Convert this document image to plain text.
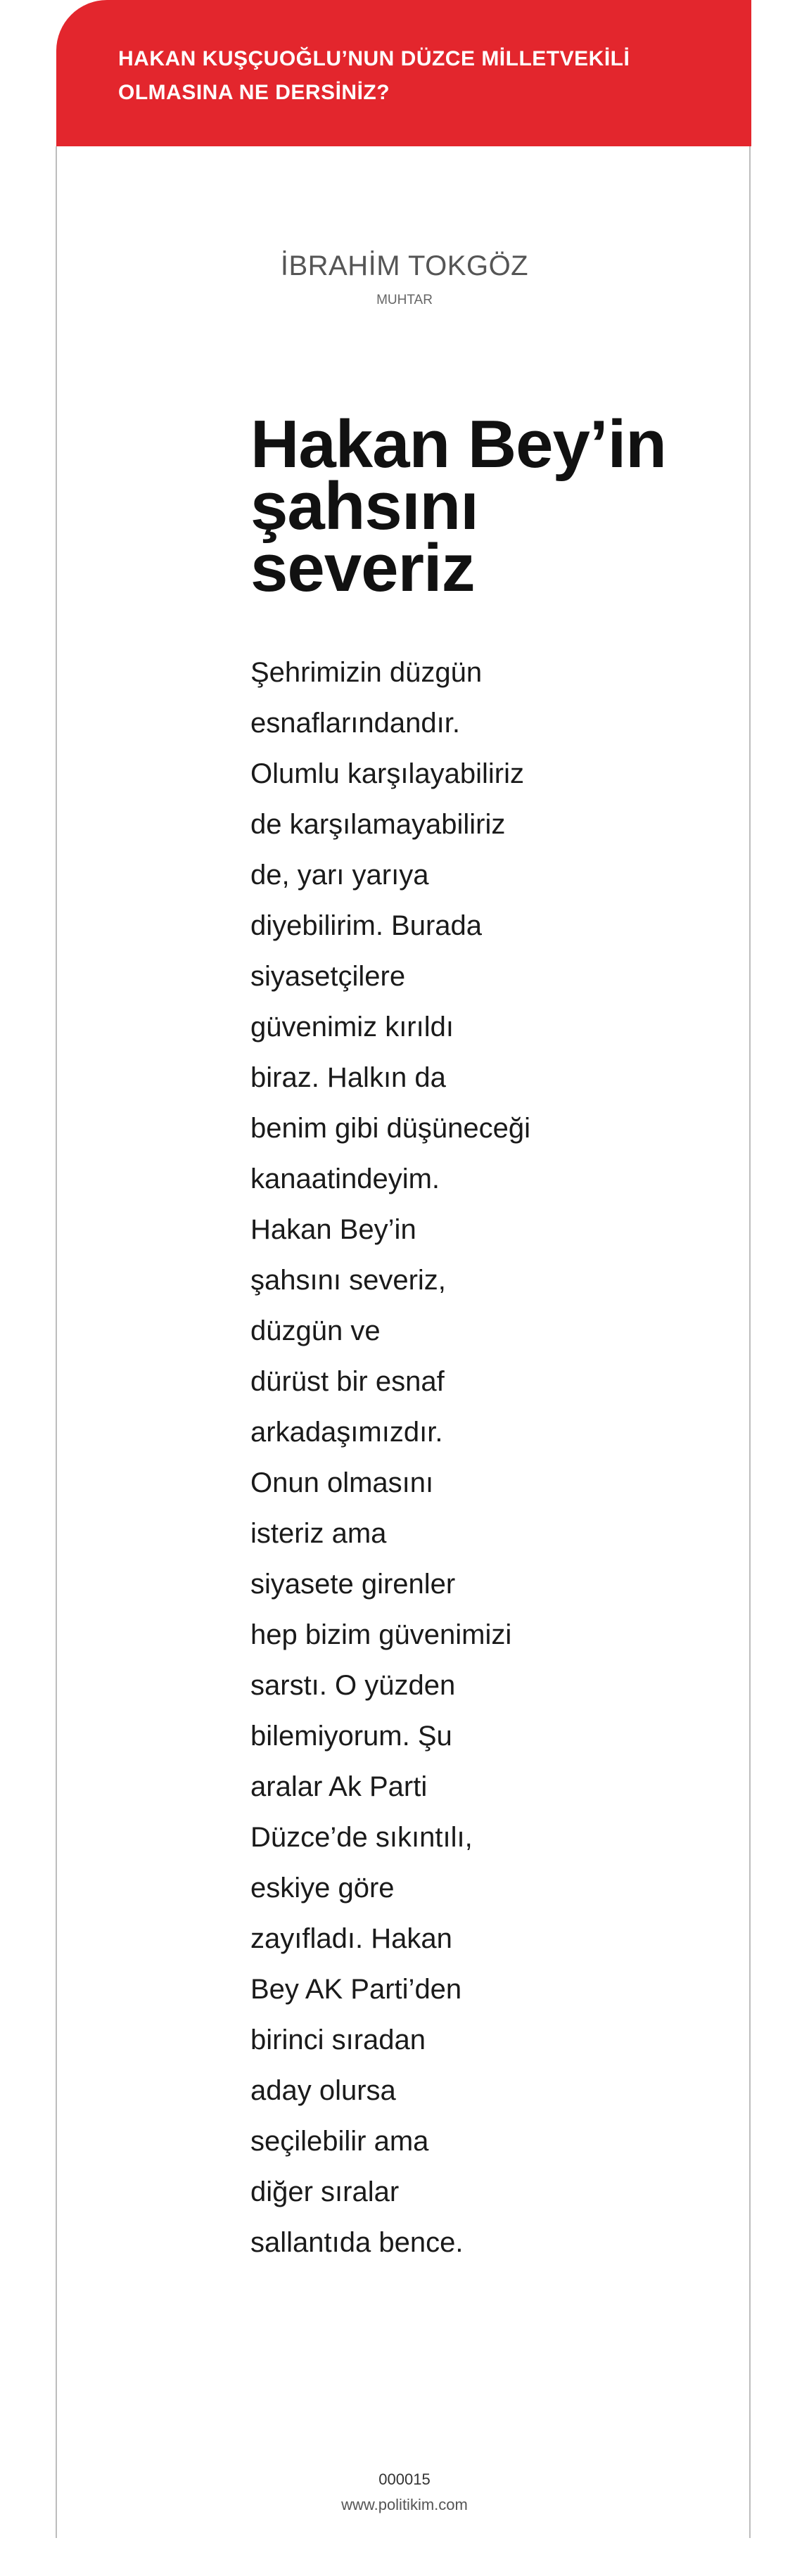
HAKAN KUŞÇUOĞLU’NUN DÜZCE MİLLETVEKİLİ
OLMASINA NE DERSİNİZ?
İBRAHİM TOKGÖZ
MUHTAR
Hakan Bey’in
şahsını
severiz
Şehrimizin düzgün
esnaflarındandır.
Olumlu karşılayabiliriz
de karşılamayabiliriz
de, yarı yarıya
diyebilirim. Burada
siyasetçilere
güvenimiz kırıldı
biraz. Halkın da
benim gibi düşüneceği
kanaatindeyim.
Hakan Bey’in
şahsını severiz,
düzgün ve
dürüst bir esnaf
arkadaşımızdır.
Onun olmasını
isteriz ama
siyasete girenler
hep bizim güvenimizi
sarstı. O yüzden
bilemiyorum. Şu
aralar Ak Parti
Düzce’de sıkıntılı,
eskiye göre
zayıfladı. Hakan
Bey AK Parti’den
birinci sıradan
aday olursa
seçilebilir ama
diğer sıralar
sallantıda bence.
000015
www.politikim.com
